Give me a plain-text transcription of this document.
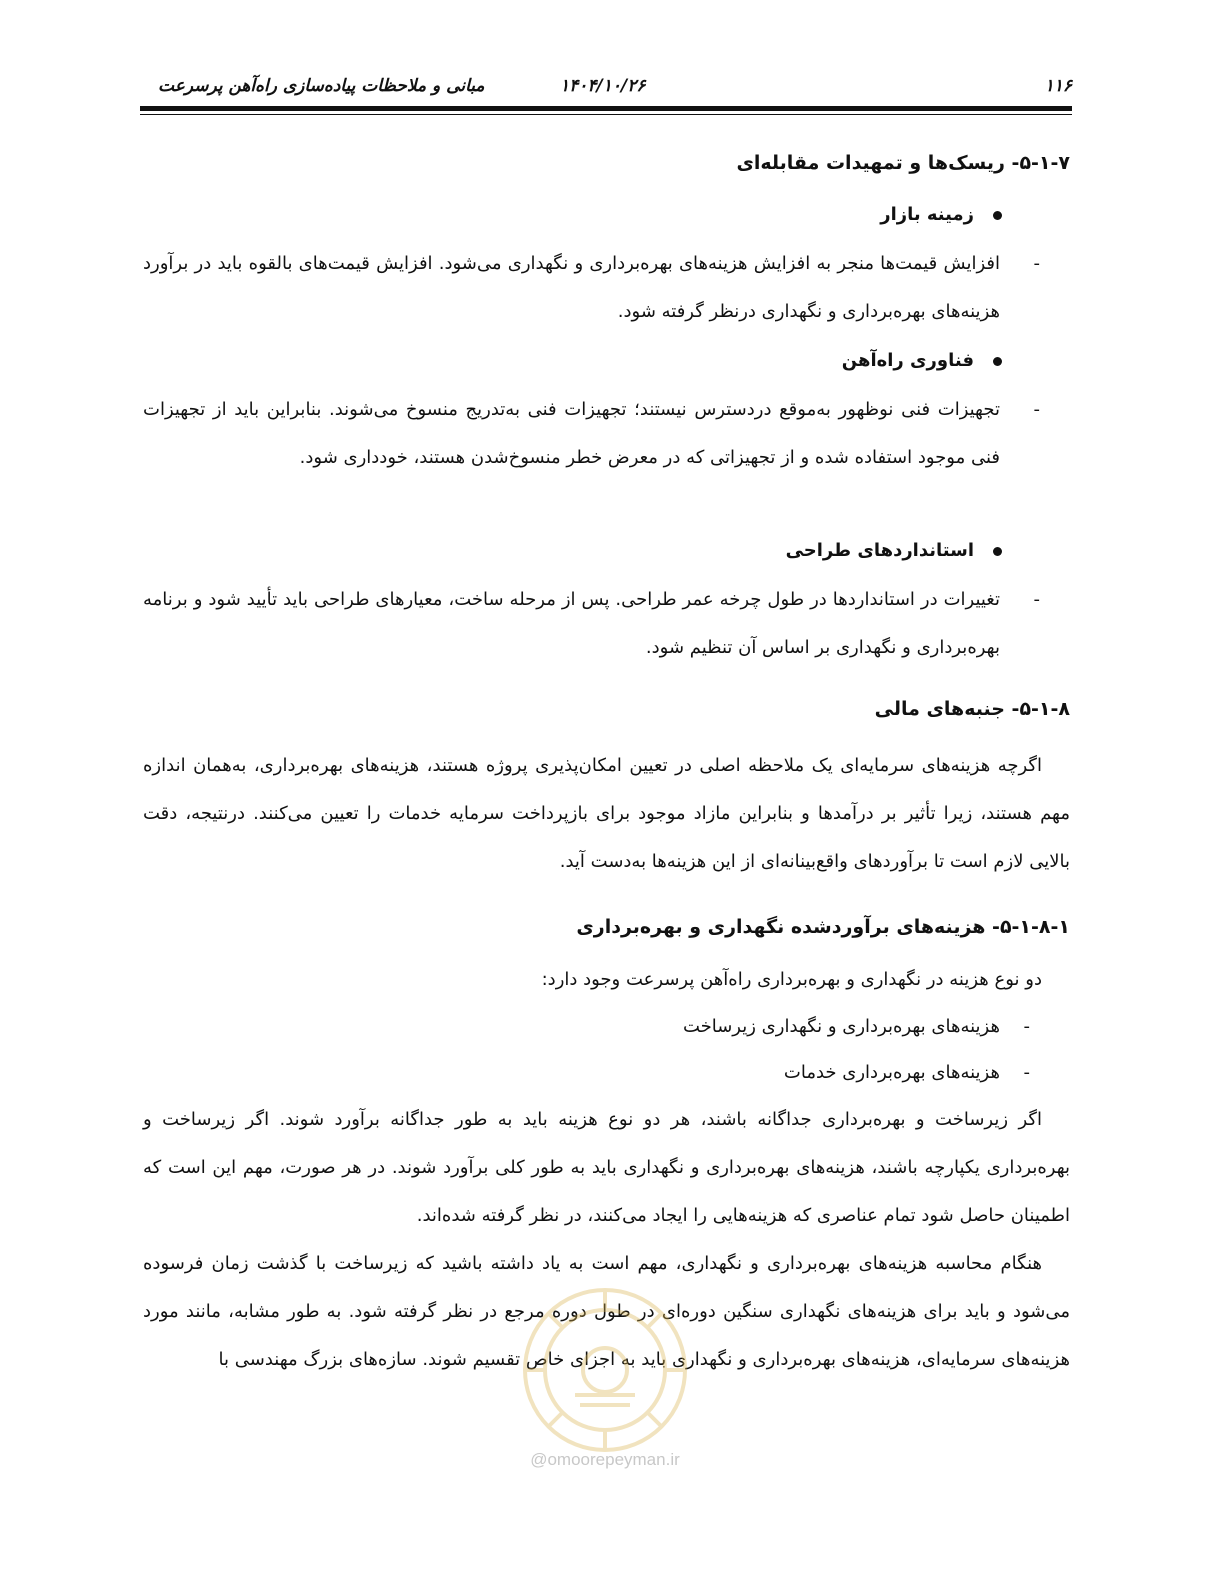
۱۱۶
۱۴۰۴/۱۰/۲۶
مبانی و ملاحظات پیاده‌سازی راه‌آهن پرسرعت
۵-۱-۷- ریسک‌ها و تمهیدات مقابله‌ای
زمینه بازار
-
افزایش قیمت‌ها منجر به افزایش هزینه‌های بهره‌برداری و نگهداری می‌شود. افزایش قیمت‌های بالقوه باید در برآورد هزینه‌های بهره‌برداری و نگهداری درنظر گرفته شود.
فناوری راه‌آهن
-
تجهیزات فنی نوظهور به‌موقع دردسترس نیستند؛ تجهیزات فنی به‌تدریج منسوخ می‌شوند. بنابراین باید از تجهیزات فنی موجود استفاده شده و از تجهیزاتی که در معرض خطر منسوخ‌شدن هستند، خودداری شود.
استانداردهای طراحی
-
تغییرات در استانداردها در طول چرخه عمر طراحی. پس از مرحله ساخت، معیارهای طراحی باید تأیید شود و برنامه بهره‌برداری و نگهداری بر اساس آن تنظیم شود.
۵-۱-۸- جنبه‌های مالی
اگرچه هزینه‌های سرمایه‌ای یک ملاحظه اصلی در تعیین امکان‌پذیری پروژه هستند، هزینه‌های بهره‌برداری، به‌همان اندازه مهم هستند، زیرا تأثیر بر درآمدها و بنابراین مازاد موجود برای بازپرداخت سرمایه خدمات را تعیین می‌کنند. درنتیجه، دقت بالایی لازم است تا برآوردهای واقع‌بینانه‌ای از این هزینه‌ها به‌دست آید.
۵-۱-۸-۱- هزینه‌های برآوردشده نگهداری و بهره‌برداری
دو نوع هزینه در نگهداری و بهره‌برداری راه‌آهن پرسرعت وجود دارد:
-
هزینه‌های بهره‌برداری و نگهداری زیرساخت
-
هزینه‌های بهره‌برداری خدمات
اگر زیرساخت و بهره‌برداری جداگانه باشند، هر دو نوع هزینه باید به طور جداگانه برآورد شوند. اگر زیرساخت و بهره‌برداری یکپارچه باشند، هزینه‌های بهره‌برداری و نگهداری باید به طور کلی برآورد شوند. در هر صورت، مهم این است که اطمینان حاصل شود تمام عناصری که هزینه‌هایی را ایجاد می‌کنند، در نظر گرفته شده‌اند.
هنگام محاسبه هزینه‌های بهره‌برداری و نگهداری، مهم است به یاد داشته باشید که زیرساخت با گذشت زمان فرسوده می‌شود و باید برای هزینه‌های نگهداری سنگین دوره‌ای در طول دوره مرجع در نظر گرفته شود. به طور مشابه، مانند مورد هزینه‌های سرمایه‌ای، هزینه‌های بهره‌برداری و نگهداری باید به اجزای خاص تقسیم شوند. سازه‌های بزرگ مهندسی با
@omoorepeyman.ir
